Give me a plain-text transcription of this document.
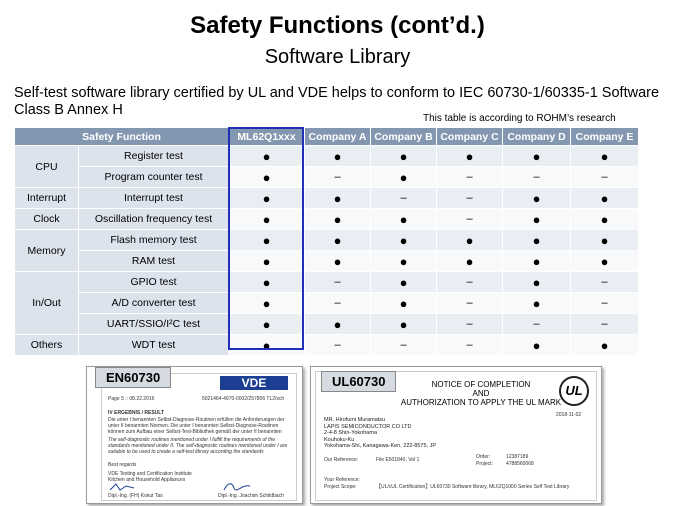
Safety Functions (cont’d.)
Software Library
Self-test software library certified by UL and VDE helps to conform to IEC 60730-1/60335-1 Software Class B Annex H
This table is according to ROHM’s research
Safety Function		ML62Q1xxx	Company A	Company B	Company C	Company D	Company E
CPU	Register test	●	●	●	●	●	●
	Program counter test	●	–	●	–	–	–
Interrupt	Interrupt test	●	●	–	–	●	●
Clock	Oscillation frequency test	●	●	●	–	●	●
Memory	Flash memory test	●	●	●	●	●	●
	RAM test	●	●	●	●	●	●
In/Out	GPIO test	●	–	●	–	●	–
	A/D converter test	●	–	●	–	●	–
	UART/SSIO/I²C test	●	●	●	–	–	–
Others	WDT test	●	–	–	–	●	●
VDE
Page 5 :: 08.22.2016	5021464-4970-0002/257806 TL2/sch
IV ERGEBNIS / RESULT
Die unter I benannten Selbst-Diagnose-Routinen erfüllen die Anforderungen der unter II benannten Normen. Die unter I benannten Selbst-Diagnose-Routinen können zum Aufbau einer Selbst-Test-Bibliothek gemäß der unter II benannten
The self-diagnostic routines mentioned under I fulfill the requirements of the standards mentioned under II. The self-diagnostic routines mentioned under I are suitable to be used to create a self-test library according the standards
Best regards
VDE Testing and Certification Institute
Kitchen and Household Appliances
Dipl.-Ing. (FH) Kokut Tas	Dipl.-Ing. Joachim Schildbach
EN60730	NOTICE OF COMPLETION
AND
AUTHORIZATION TO APPLY THE UL MARK
UL
2018-11-02
MR. Hirofumi Muramatsu
LAPIS SEMICONDUCTOR CO LTD
2-4-8 Shin-Yokohama
Kouhoku-Ku
Yokohama-Shi, Kanagawa-Ken, 222-8575, JP
Our Reference:	File E501840, Vol 1	Order:	12387189
Project:	4788560068
Your Reference:
Project Scope:	【UL/cUL Certification】UL60730 Software library, ML62Q1000 Series Self Test Library
UL60730
